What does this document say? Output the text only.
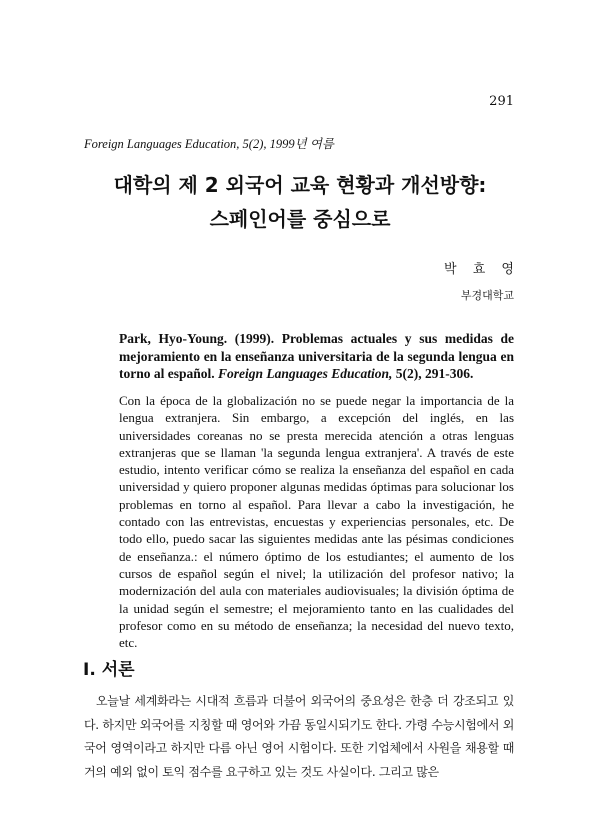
291
Foreign Languages Education, 5(2), 1999년 여름
대학의 제 2 외국어 교육 현황과 개선방향:
스페인어를 중심으로
박 효 영
부경대학교
Park, Hyo-Young. (1999). Problemas actuales y sus medidas de mejoramiento en la enseñanza universitaria de la segunda lengua en torno al español. Foreign Languages Education, 5(2), 291-306.
Con la época de la globalización no se puede negar la importancia de la lengua extranjera. Sin embargo, a excepción del inglés, en las universidades coreanas no se presta merecida atención a otras lenguas extranjeras que se llaman 'la segunda lengua extranjera'. A través de este estudio, intento verificar cómo se realiza la enseñanza del español en cada universidad y quiero proponer algunas medidas óptimas para solucionar los problemas en torno al español. Para llevar a cabo la investigación, he contado con las entrevistas, encuestas y experiencias personales, etc. De todo ello, puedo sacar las siguientes medidas ante las pésimas condiciones de enseñanza.: el número óptimo de los estudiantes; el aumento de los cursos de español según el nivel; la utilización del profesor nativo; la modernización del aula con materiales audiovisuales; la división óptima de la unidad según el semestre; el mejoramiento tanto en las cualidades del profesor como en su método de enseñanza; la necesidad del nuevo texto, etc.
I. 서론
오늘날 세계화라는 시대적 흐름과 더불어 외국어의 중요성은 한층 더 강조되고 있다. 하지만 외국어를 지칭할 때 영어와 가끔 동일시되기도 한다. 가령 수능시험에서 외국어 영역이라고 하지만 다름 아닌 영어 시험이다. 또한 기업체에서 사원을 채용할 때 거의 예외 없이 토익 점수를 요구하고 있는 것도 사실이다. 그리고 많은
